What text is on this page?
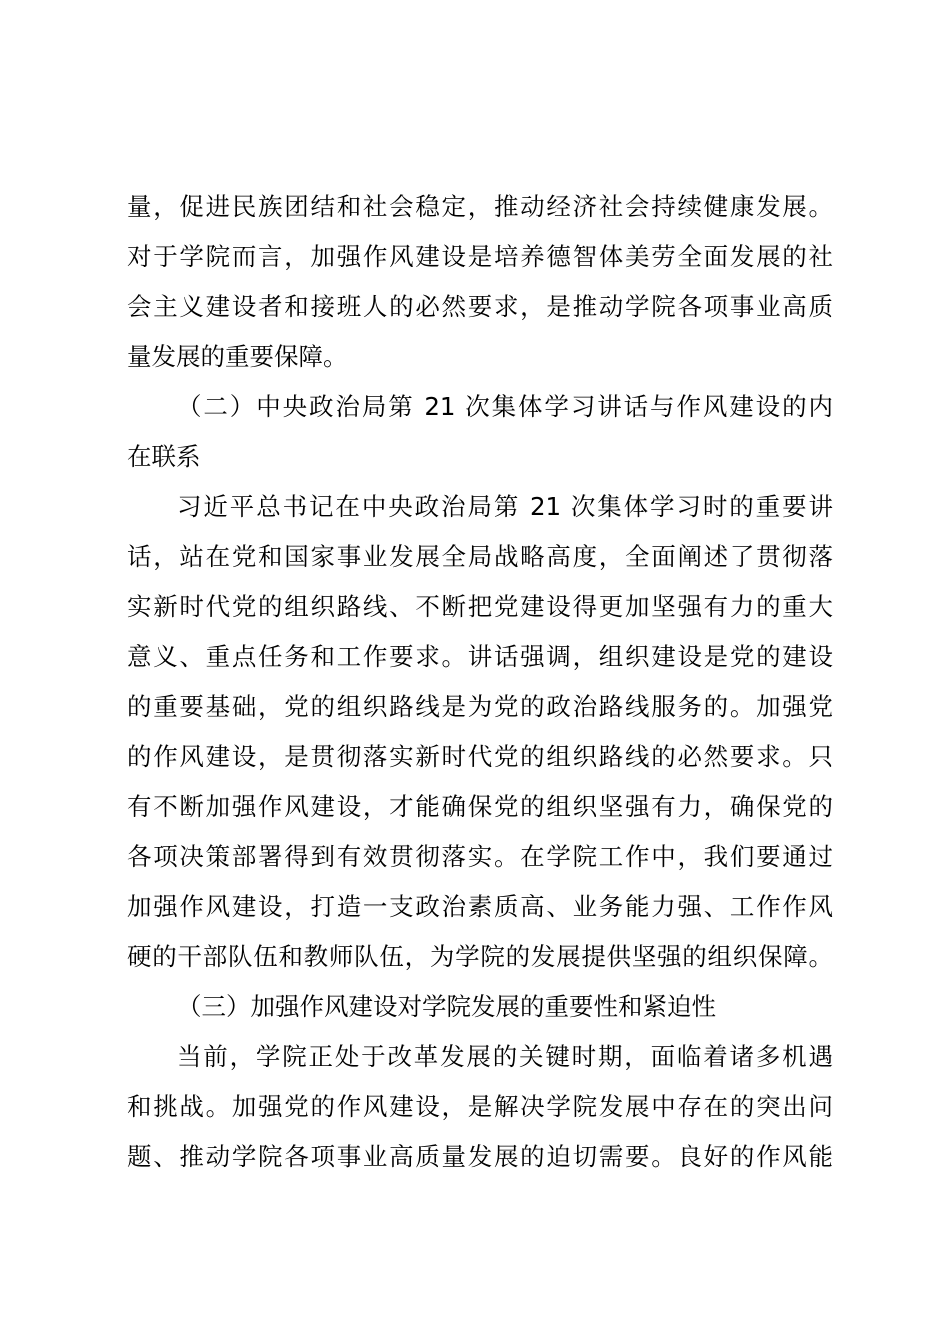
量，促进民族团结和社会稳定，推动经济社会持续健康发展。
对于学院而言，加强作风建设是培养德智体美劳全面发展的社
会主义建设者和接班人的必然要求，是推动学院各项事业高质
量发展的重要保障。
（二）中央政治局第 21 次集体学习讲话与作风建设的内
在联系
习近平总书记在中央政治局第 21 次集体学习时的重要讲
话，站在党和国家事业发展全局战略高度，全面阐述了贯彻落
实新时代党的组织路线、不断把党建设得更加坚强有力的重大
意义、重点任务和工作要求。讲话强调，组织建设是党的建设
的重要基础，党的组织路线是为党的政治路线服务的。加强党
的作风建设，是贯彻落实新时代党的组织路线的必然要求。只
有不断加强作风建设，才能确保党的组织坚强有力，确保党的
各项决策部署得到有效贯彻落实。在学院工作中，我们要通过
加强作风建设，打造一支政治素质高、业务能力强、工作作风
硬的干部队伍和教师队伍，为学院的发展提供坚强的组织保障。
（三）加强作风建设对学院发展的重要性和紧迫性
当前，学院正处于改革发展的关键时期，面临着诸多机遇
和挑战。加强党的作风建设，是解决学院发展中存在的突出问
题、推动学院各项事业高质量发展的迫切需要。良好的作风能
